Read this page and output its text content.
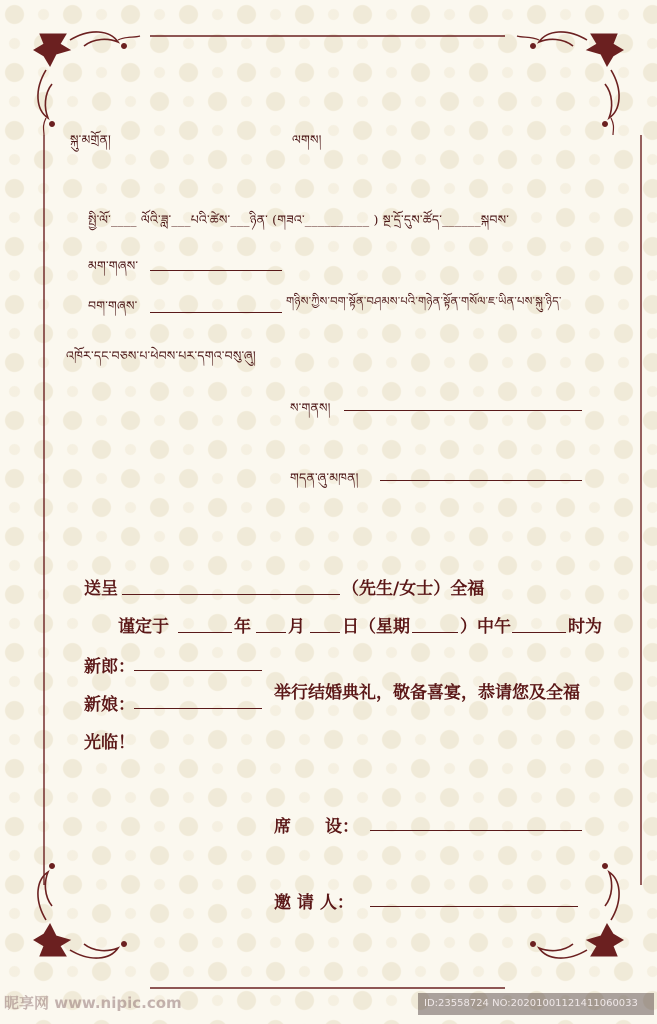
སྐུ་མགྲོན།	ལགས།
སྤྱི་ལོ་____ ལོའི་ཟླ་___པའི་ཚེས་___ཉིན་ (གཟའ་__________ ) སྔ་དྲོ་དུས་ཚོད་______སྐབས་
མག་གཞས་
བག་གཞས་	གཉིས་ཀྱིས་བག་སྟོན་བཤམས་པའི་གཉེན་སྟོན་གསོལ་ཇ་ཡིན་པས་སྐུ་ཉིད་
འཁོར་དང་བཅས་པ་ཕེབས་པར་དགའ་བསུ་ཞུ།
ས་གནས།
གདན་ཞུ་མཁན།
送呈	（先生/女士）全福
谨定于	年 月 日（星期	）中午	时为
新郎：
新娘：
举行结婚典礼，敬备喜宴，恭请您及全福
光临！
席　　设：
邀 请 人：
昵享网 www.nipic.com	ID:23558724 NO:20201001121411060033
